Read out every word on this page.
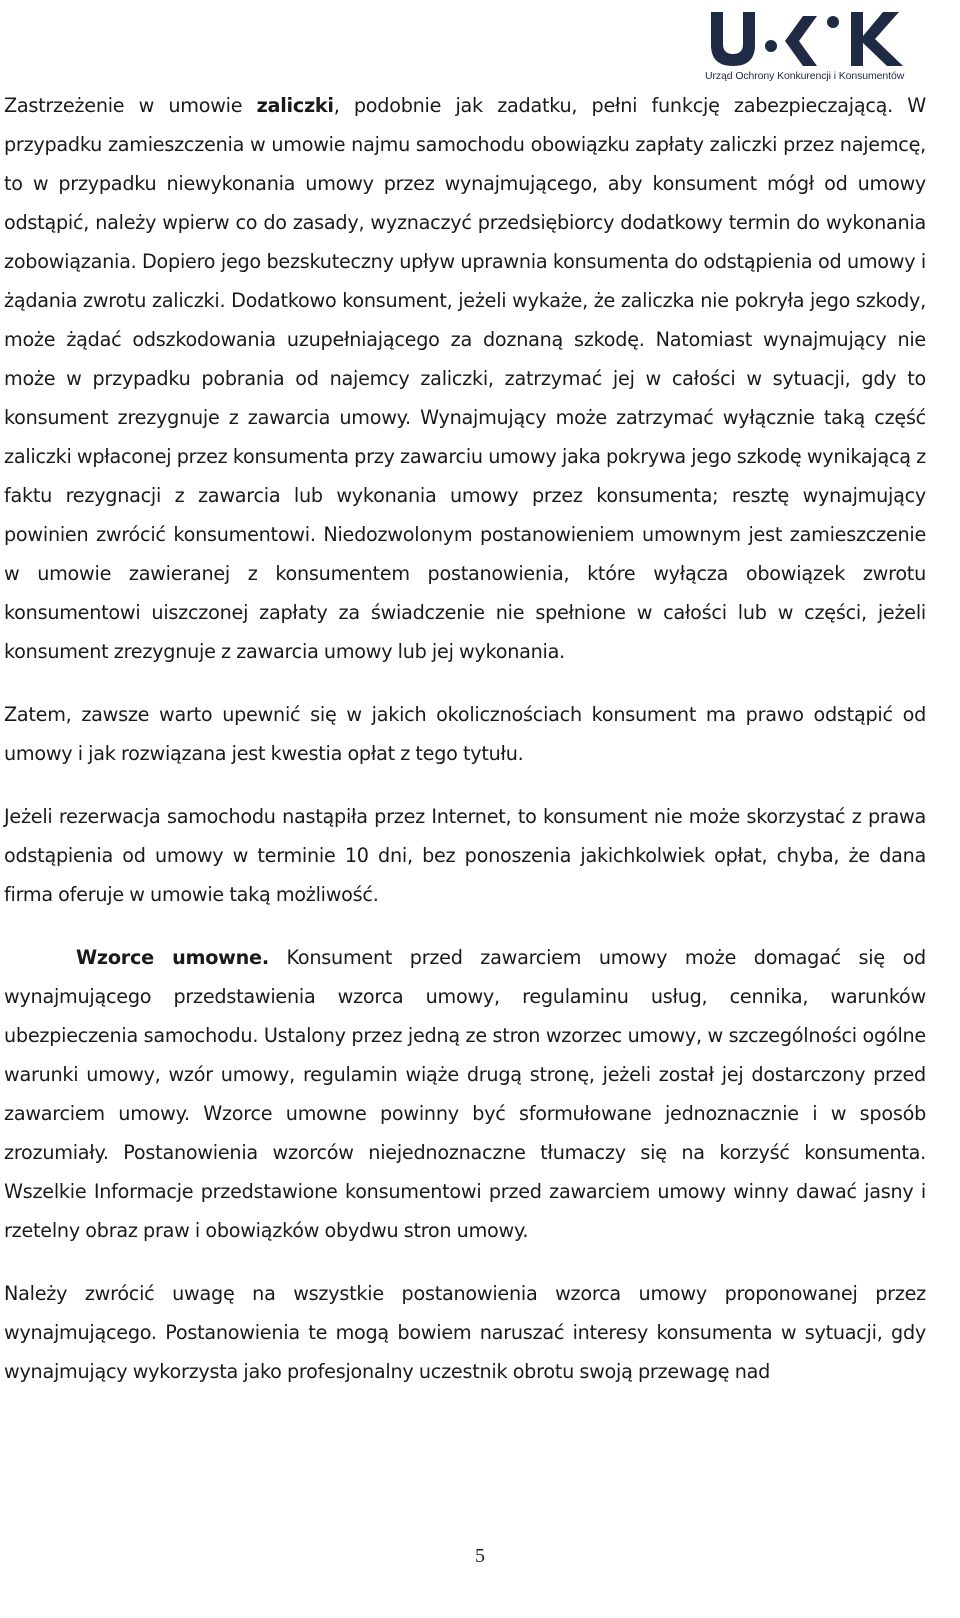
Urząd Ochrony Konkurencji i Konsumentów

Zastrzeżenie w umowie zaliczki, podobnie jak zadatku, pełni funkcję zabezpieczającą. W przypadku zamieszczenia w umowie najmu samochodu obowiązku zapłaty zaliczki przez najemcę, to w przypadku niewykonania umowy przez wynajmującego, aby konsument mógł od umowy odstąpić, należy wpierw co do zasady, wyznaczyć przedsiębiorcy dodatkowy termin do wykonania zobowiązania. Dopiero jego bezskuteczny upływ uprawnia konsumenta do odstąpienia od umowy i żądania zwrotu zaliczki. Dodatkowo konsument, jeżeli wykaże, że zaliczka nie pokryła jego szkody, może żądać odszkodowania uzupełniającego za doznaną szkodę. Natomiast wynajmujący nie może w przypadku pobrania od najemcy zaliczki, zatrzymać jej w całości w sytuacji, gdy to konsument zrezygnuje z zawarcia umowy. Wynajmujący może zatrzymać wyłącznie taką część zaliczki wpłaconej przez konsumenta przy zawarciu umowy jaka pokrywa jego szkodę wynikającą z faktu rezygnacji z zawarcia lub wykonania umowy przez konsumenta; resztę wynajmujący powinien zwrócić konsumentowi. Niedozwolonym postanowieniem umownym jest zamieszczenie w umowie zawieranej z konsumentem postanowienia, które wyłącza obowiązek zwrotu konsumentowi uiszczonej zapłaty za świadczenie nie spełnione w całości lub w części, jeżeli konsument zrezygnuje z zawarcia umowy lub jej wykonania.

Zatem, zawsze warto upewnić się w jakich okolicznościach konsument ma prawo odstąpić od umowy i jak rozwiązana jest kwestia opłat z tego tytułu.

Jeżeli rezerwacja samochodu nastąpiła przez Internet, to konsument nie może skorzystać z prawa odstąpienia od umowy w terminie 10 dni, bez ponoszenia jakichkolwiek opłat, chyba, że dana firma oferuje w umowie taką możliwość.

Wzorce umowne. Konsument przed zawarciem umowy może domagać się od wynajmującego przedstawienia wzorca umowy, regulaminu usług, cennika, warunków ubezpieczenia samochodu. Ustalony przez jedną ze stron wzorzec umowy, w szczególności ogólne warunki umowy, wzór umowy, regulamin wiąże drugą stronę, jeżeli został jej dostarczony przed zawarciem umowy. Wzorce umowne powinny być sformułowane jednoznacznie i w sposób zrozumiały. Postanowienia wzorców niejednoznaczne tłumaczy się na korzyść konsumenta. Wszelkie Informacje przedstawione konsumentowi przed zawarciem umowy winny dawać jasny i rzetelny obraz praw i obowiązków obydwu stron umowy.

Należy zwrócić uwagę na wszystkie postanowienia wzorca umowy proponowanej przez wynajmującego. Postanowienia te mogą bowiem naruszać interesy konsumenta w sytuacji, gdy wynajmujący wykorzysta jako profesjonalny uczestnik obrotu swoją przewagę nad

5
